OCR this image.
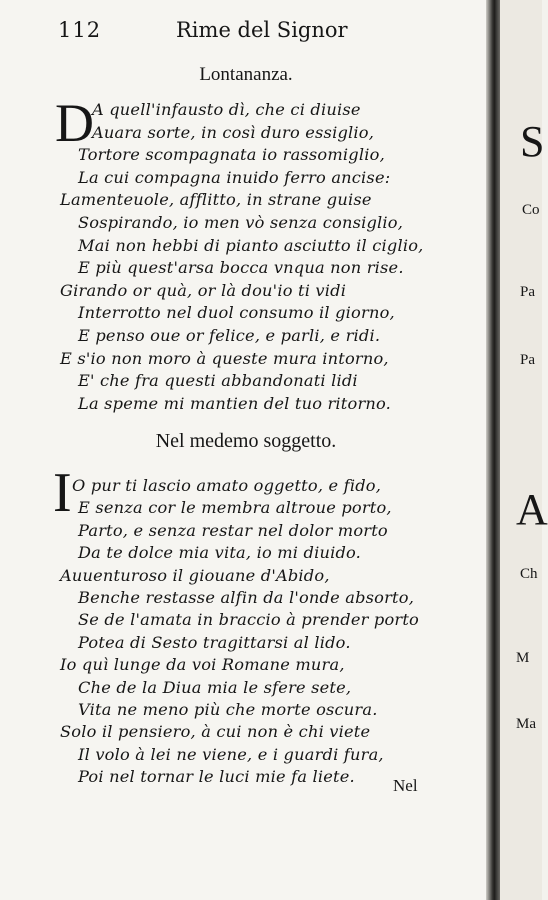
112	Rime del Signor
Lontananza.
D
A quell'infausto dì, che ci diuise
Auara sorte, in così duro essiglio,
Tortore scompagnata io rassomiglio,
La cui compagna inuido ferro ancise:
Lamenteuole, afflitto, in strane guise
Sospirando, io men vò senza consiglio,
Mai non hebbi di pianto asciutto il ciglio,
E più quest'arsa bocca vnqua non rise.
Girando or quà, or là dou'io ti vidi
Interrotto nel duol consumo il giorno,
E penso oue or felice, e parli, e ridi.
E s'io non moro à queste mura intorno,
E' che fra questi abbandonati lidi
La speme mi mantien del tuo ritorno.
Nel medemo soggetto.
I O pur ti lascio amato oggetto, e fido,
E senza cor le membra altroue porto,
Parto, e senza restar nel dolor morto
Da te dolce mia vita, io mi diuido.
Auuenturoso il giouane d'Abido,
Benche restasse alfin da l'onde absorto,
Se de l'amata in braccio à prender porto
Potea di Sesto tragittarsi al lido.
Io quì lunge da voi Romane mura,
Che de la Diua mia le sfere sete,
Vita ne meno più che morte oscura.
Solo il pensiero, à cui non è chi viete
Il volo à lei ne viene, e i guardi fura,
Poi nel tornar le luci mie fa liete. Nel
S
Co
Pa
Pa
A
Ch
M
Ma
